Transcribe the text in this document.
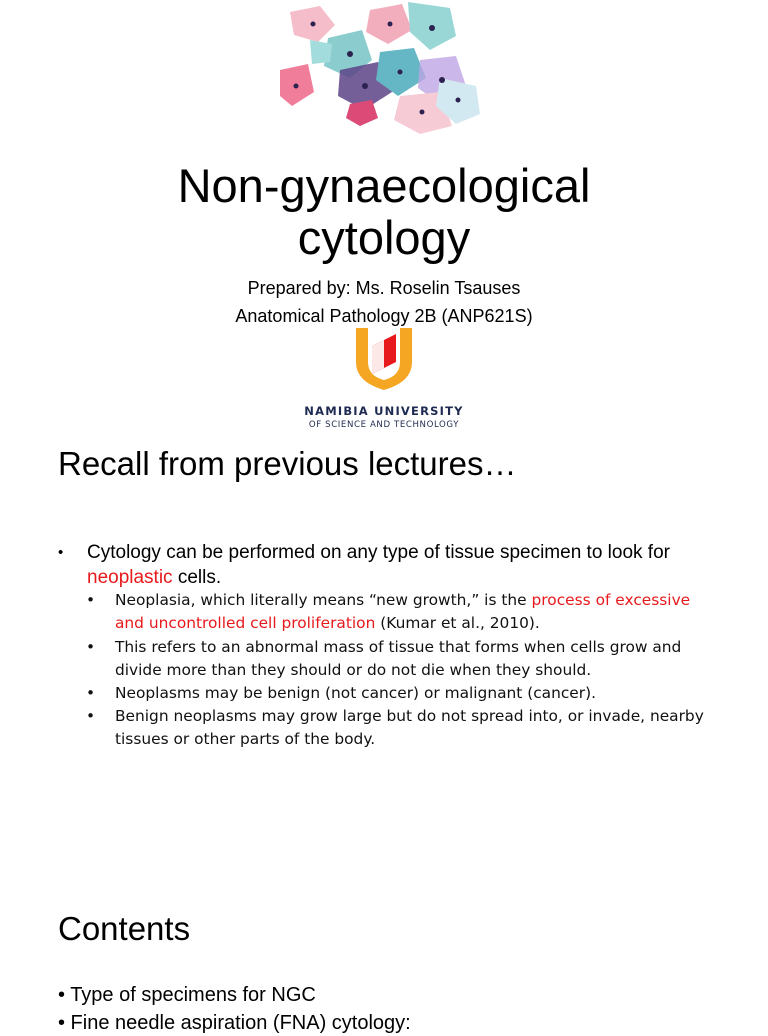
Non-gynaecological
cytology
Prepared by: Ms. Roselin Tsauses
Anatomical Pathology 2B (ANP621S)
NAMIBIA UNIVERSITY
OF SCIENCE AND TECHNOLOGY
Recall from previous lectures…
• Cytology can be performed on any type of tissue specimen to look for neoplastic cells.
• Neoplasia, which literally means “new growth,” is the process of excessive and uncontrolled cell proliferation (Kumar et al., 2010).
• This refers to an abnormal mass of tissue that forms when cells grow and divide more than they should or do not die when they should.
• Neoplasms may be benign (not cancer) or malignant (cancer).
• Benign neoplasms may grow large but do not spread into, or invade, nearby tissues or other parts of the body.
Contents
• Type of specimens for NGC
• Fine needle aspiration (FNA) cytology:
